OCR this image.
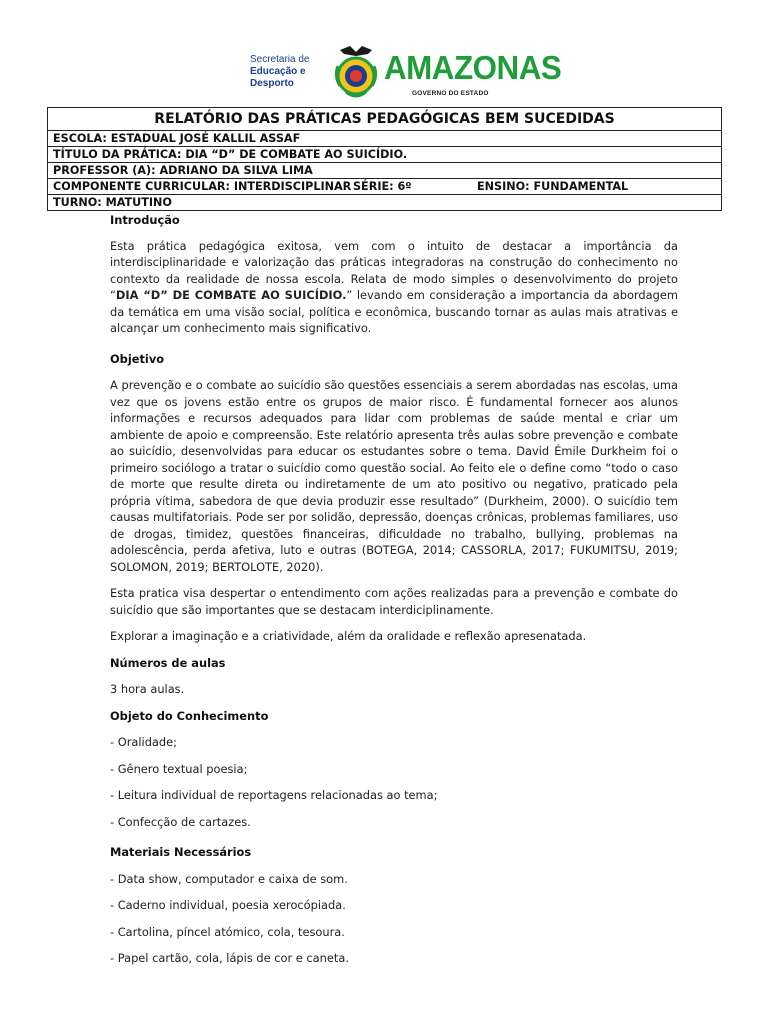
Secretaria de
Educação e
Desporto	AMAZONAS
GOVERNO DO ESTADO
RELATÓRIO DAS PRÁTICAS PEDAGÓGICAS BEM SUCEDIDAS
ESCOLA: ESTADUAL JOSÉ KALLIL ASSAF
TÍTULO DA PRÁTICA: DIA “D” DE COMBATE AO SUICÍDIO.
PROFESSOR (A): ADRIANO DA SILVA LIMA
COMPONENTE CURRICULAR: INTERDISCIPLINAR SÉRIE: 6º	ENSINO: FUNDAMENTAL
TURNO: MATUTINO
Introdução

Esta prática pedagógica exitosa, vem com o intuito de destacar a importância da interdisciplinaridade e valorização das práticas integradoras na construção do conhecimento no contexto da realidade de nossa escola. Relata de modo simples o desenvolvimento do projeto “DIA “D” DE COMBATE AO SUICÍDIO.” levando em consideração a importancia da abordagem da temática em uma visão social, política e econômica, buscando tornar as aulas mais atrativas e alcançar um conhecimento mais significativo.

Objetivo

A prevenção e o combate ao suicídio são questões essenciais a serem abordadas nas escolas, uma vez que os jovens estão entre os grupos de maior risco. É fundamental fornecer aos alunos informações e recursos adequados para lidar com problemas de saúde mental e criar um ambiente de apoio e compreensão. Este relatório apresenta três aulas sobre prevenção e combate ao suicídio, desenvolvidas para educar os estudantes sobre o tema. David Émile Durkheim foi o primeiro sociólogo a tratar o suicídio como questão social. Ao feito ele o define como “todo o caso de morte que resulte direta ou indiretamente de um ato positivo ou negativo, praticado pela própria vítima, sabedora de que devia produzir esse resultado” (Durkheim, 2000). O suicídio tem causas multifatoriais. Pode ser por solidão, depressão, doenças crônicas, problemas familiares, uso de drogas, timidez, questões financeiras, dificuldade no trabalho, bullying, problemas na adolescência, perda afetiva, luto e outras (BOTEGA, 2014; CASSORLA, 2017; FUKUMITSU, 2019; SOLOMON, 2019; BERTOLOTE, 2020).

Esta pratica visa despertar o entendimento com ações realizadas para a prevenção e combate do suicídio que são importantes que se destacam interdiciplinamente.

Explorar a imaginação e a criatividade, além da oralidade e reflexão apresenatada.

Números de aulas

3 hora aulas.

Objeto do Conhecimento

- Oralidade;

- Gênero textual poesia;

- Leitura individual de reportagens relacionadas ao tema;

- Confecção de cartazes.

Materiais Necessários

- Data show, computador e caixa de som.

- Caderno individual, poesia xerocópiada.

- Cartolina, píncel atómico, cola, tesoura.

- Papel cartão, cola, lápis de cor e caneta.
